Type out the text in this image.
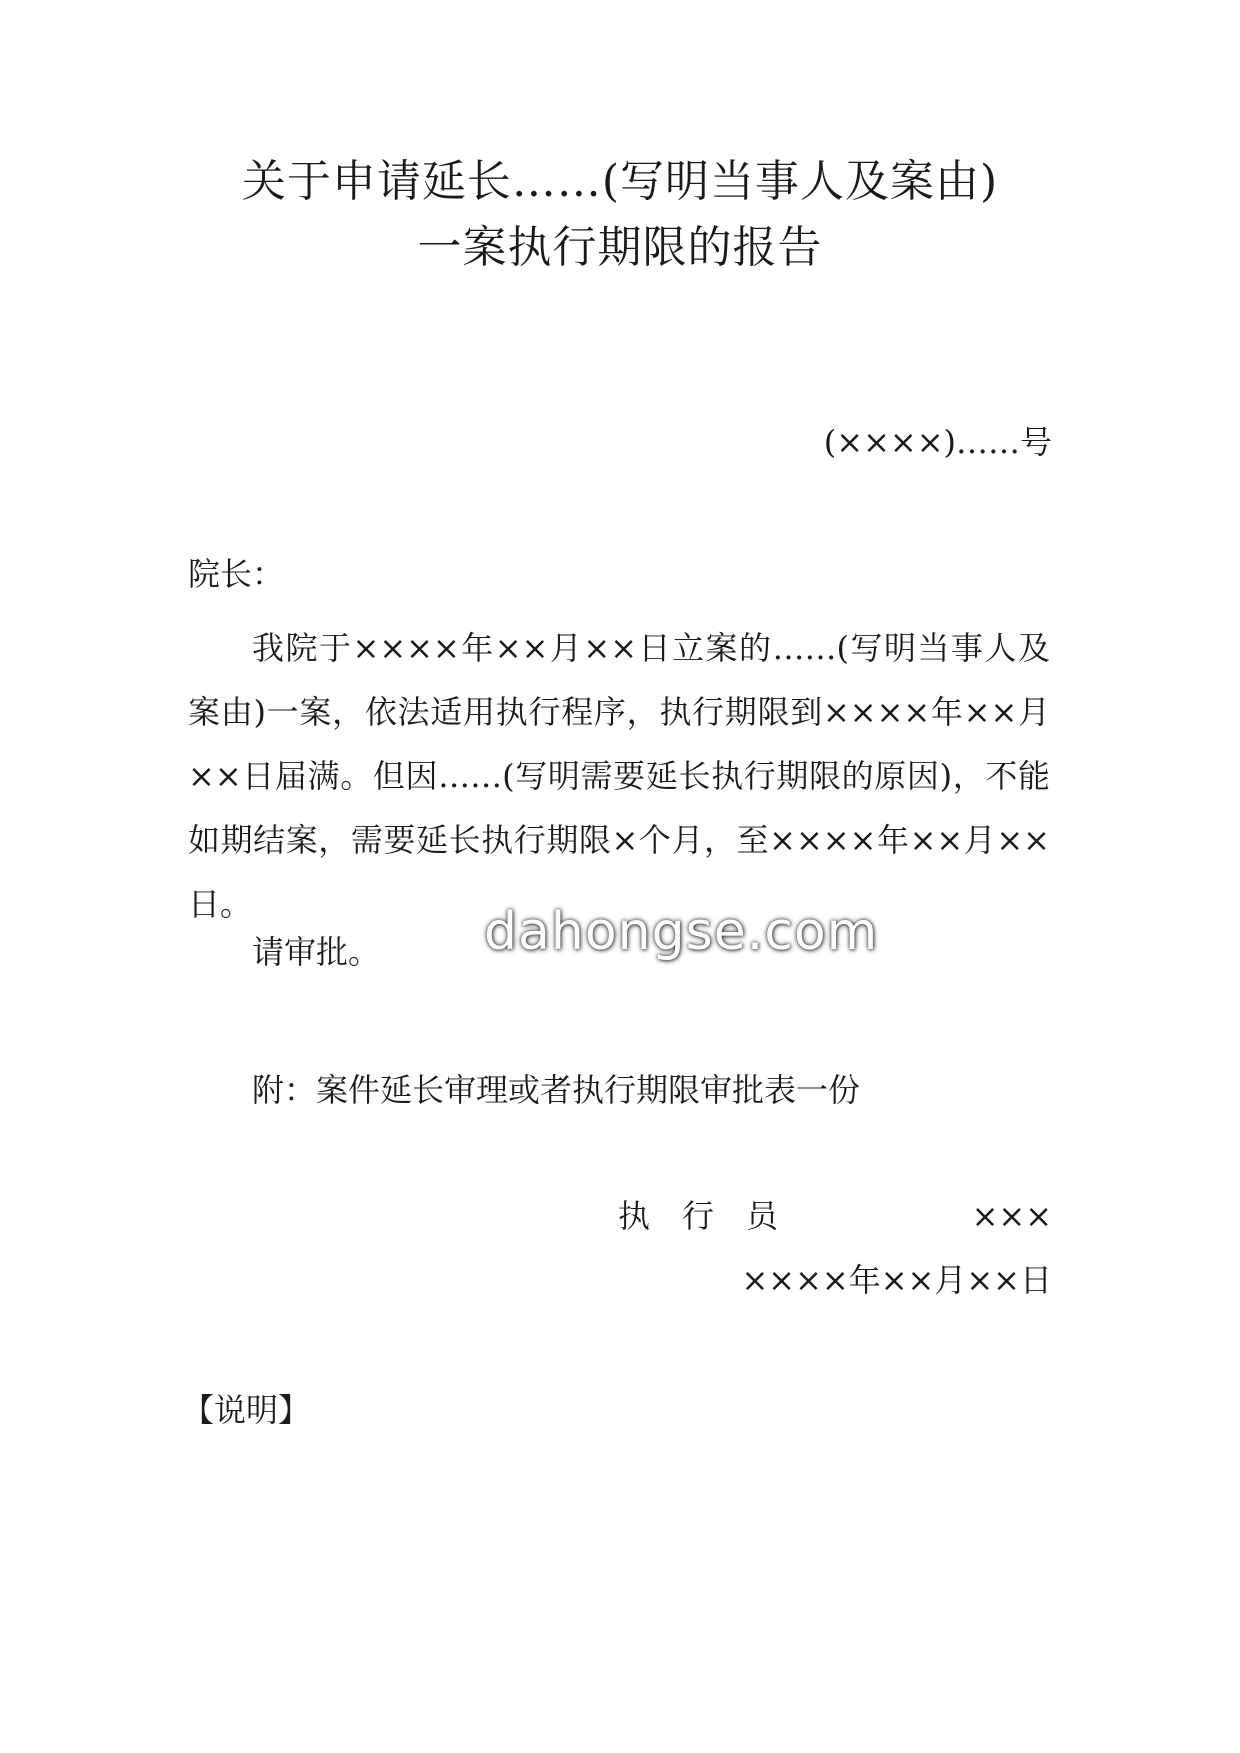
关于申请延长……(写明当事人及案由)
一案执行期限的报告
(××××)……号
院长：

我院于××××年××月××日立案的……(写明当事人及案由)一案，依法适用执行程序，执行期限到××××年××月××日届满。但因……(写明需要延长执行期限的原因)，不能如期结案，需要延长执行期限×个月，至××××年××月××日。

请审批。
附：案件延长审理或者执行期限审批表一份
执行员	×××
××××年××月××日
【说明】
dahongse.com
